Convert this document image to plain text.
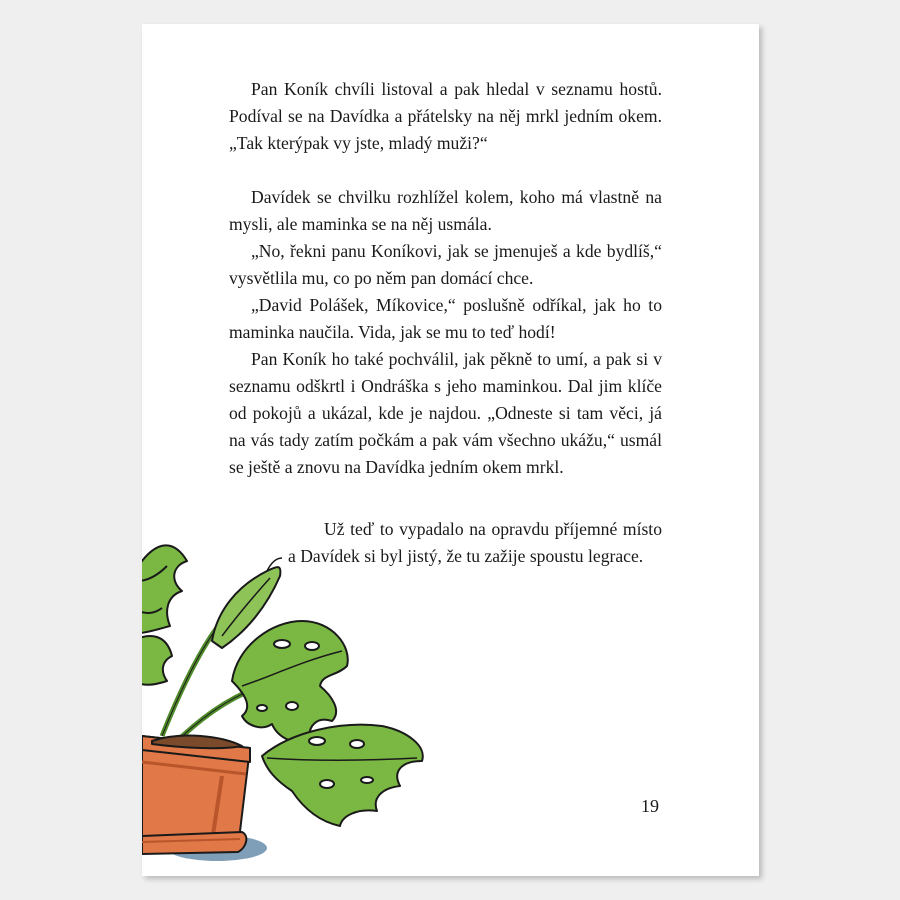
Pan Koník chvíli listoval a pak hledal v seznamu hostů. Podíval se na Davídka a přátelsky na něj mrkl jedním okem. „Tak kterýpak vy jste, mladý muži?“

Davídek se chvilku rozhlížel kolem, koho má vlastně na mysli, ale maminka se na něj usmála.

„No, řekni panu Koníkovi, jak se jmenuješ a kde bydlíš,“ vysvětlila mu, co po něm pan domácí chce.

„David Polášek, Míkovice,“ poslušně odříkal, jak ho to maminka naučila. Vida, jak se mu to teď hodí!

Pan Koník ho také pochválil, jak pěkně to umí, a pak si v seznamu odškrtl i Ondráška s jeho maminkou. Dal jim klíče od pokojů a ukázal, kde je najdou. „Odneste si tam věci, já na vás tady zatím počkám a pak vám všechno ukážu,“ usmál se ještě a znovu na Davídka jedním okem mrkl.

Už teď to vypadalo na opravdu příjemné místo a Davídek si byl jistý, že tu zažije spoustu legrace.

19
